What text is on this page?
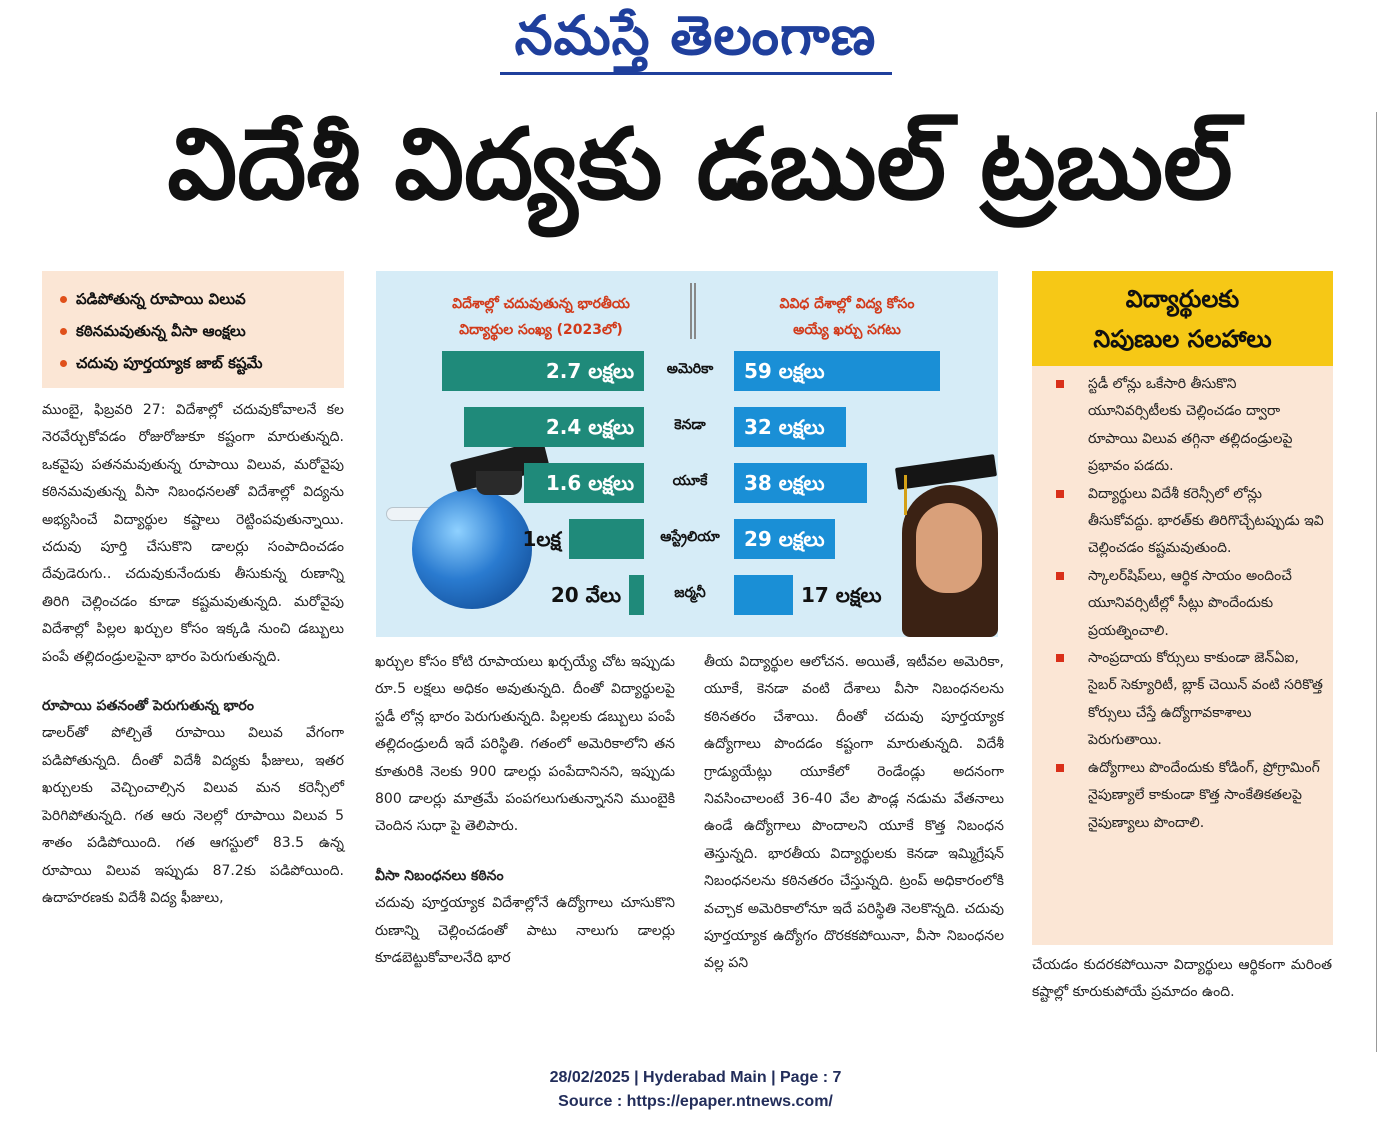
నమస్తే తెలంగాణ
విదేశీ విద్యకు డబుల్ ట్రబుల్
పడిపోతున్న రూపాయి విలువ
కఠినమవుతున్న వీసా ఆంక్షలు
చదువు పూర్తయ్యాక జాబ్ కష్టమే

ముంబై, ఫిబ్రవరి 27: విదేశాల్లో చదువుకోవాలనే కల నెరవేర్చుకోవడం రోజురోజుకూ కష్టంగా మారుతున్నది. ఒకవైపు పతనమవుతున్న రూపాయి విలువ, మరోవైపు కఠినమవుతున్న వీసా నిబంధనలతో విదేశాల్లో విద్యను అభ్యసించే విద్యార్థుల కష్టాలు రెట్టింపవుతున్నాయి. చదువు పూర్తి చేసుకొని డాలర్లు సంపాదించడం దేవుడెరుగు.. చదువుకునేందుకు తీసుకున్న రుణాన్ని తిరిగి చెల్లించడం కూడా కష్టమవుతున్నది. మరోవైపు విదేశాల్లో పిల్లల ఖర్చుల కోసం ఇక్కడి నుంచి డబ్బులు పంపే తల్లిదండ్రులపైనా భారం పెరుగుతున్నది.

రూపాయి పతనంతో పెరుగుతున్న భారం

డాలర్‌తో పోల్చితే రూపాయి విలువ వేగంగా పడిపోతున్నది. దీంతో విదేశీ విద్యకు ఫీజులు, ఇతర ఖర్చులకు వెచ్చించాల్సిన విలువ మన కరెన్సీలో పెరిగిపోతున్నది. గత ఆరు నెలల్లో రూపాయి విలువ 5 శాతం పడిపోయింది. గత ఆగస్టులో 83.5 ఉన్న రూపాయి విలువ ఇప్పుడు 87.2కు పడిపోయింది. ఉదాహరణకు విదేశీ విద్య ఫీజులు,

విదేశాల్లో చదువుతున్న భారతీయ
విద్యార్థుల సంఖ్య (2023లో)
వివిధ దేశాల్లో విద్య కోసం
అయ్యే ఖర్చు సగటు
అమెరికా
2.7 లక్షలు	59 లక్షలు
కెనడా
2.4 లక్షలు	32 లక్షలు
యూకే
1.6 లక్షలు	38 లక్షలు
ఆస్ట్రేలియా
1లక్ష	29 లక్షలు
జర్మనీ
20 వేలు	17 లక్షలు

ఖర్చుల కోసం కోటి రూపాయలు ఖర్చయ్యే చోట ఇప్పుడు రూ.5 లక్షలు అధికం అవుతున్నది. దీంతో విద్యార్థులపై స్టడీ లోన్ల భారం పెరుగుతున్నది. పిల్లలకు డబ్బులు పంపే తల్లిదండ్రులదీ ఇదే పరిస్థితి. గతంలో అమెరికాలోని తన కూతురికి నెలకు 900 డాలర్లు పంపేదానినని, ఇప్పుడు 800 డాలర్లు మాత్రమే పంపగలుగుతున్నానని ముంబైకి చెందిన సుధా పై తెలిపారు.

వీసా నిబంధనలు కఠినం

చదువు పూర్తయ్యాక విదేశాల్లోనే ఉద్యోగాలు చూసుకొని రుణాన్ని చెల్లించడంతో పాటు నాలుగు డాలర్లు కూడబెట్టుకోవాలనేది భార

తీయ విద్యార్థుల ఆలోచన. అయితే, ఇటీవల అమెరికా, యూకే, కెనడా వంటి దేశాలు వీసా నిబంధనలను కఠినతరం చేశాయి. దీంతో చదువు పూర్తయ్యాక ఉద్యోగాలు పొందడం కష్టంగా మారుతున్నది. విదేశీ గ్రాడ్యుయేట్లు యూకేలో రెండేండ్లు అదనంగా నివసించాలంటే 36-40 వేల పౌండ్ల నడుమ వేతనాలు ఉండే ఉద్యోగాలు పొందాలని యూకే కొత్త నిబంధన తెస్తున్నది. భారతీయ విద్యార్థులకు కెనడా ఇమ్మిగ్రేషన్ నిబంధనలను కఠినతరం చేస్తున్నది. ట్రంప్ అధికారంలోకి వచ్చాక అమెరికాలోనూ ఇదే పరిస్థితి నెలకొన్నది. చదువు పూర్తయ్యాక ఉద్యోగం దొరకకపోయినా, వీసా నిబంధనల వల్ల పని

విద్యార్థులకు
నిపుణుల సలహాలు
స్టడీ లోన్లు ఒకేసారి తీసుకొని యూనివర్సిటీలకు చెల్లించడం ద్వారా రూపాయి విలువ తగ్గినా తల్లిదండ్రులపై ప్రభావం పడదు.
విద్యార్థులు విదేశీ కరెన్సీలో లోన్లు తీసుకోవద్దు. భారత్‌కు తిరిగొచ్చేటప్పుడు ఇవి చెల్లించడం కష్టమవుతుంది.
స్కాలర్‌షిప్‌లు, ఆర్థిక సాయం అందించే యూనివర్సిటీల్లో సీట్లు పొందేందుకు ప్రయత్నించాలి.
సాంప్రదాయ కోర్సులు కాకుండా జెన్‌ఏఐ, సైబర్ సెక్యూరిటీ, బ్లాక్ చెయిన్ వంటి సరికొత్త కోర్సులు చేస్తే ఉద్యోగావకాశాలు పెరుగుతాయి.
ఉద్యోగాలు పొందేందుకు కోడింగ్, ప్రోగ్రామింగ్ నైపుణ్యాలే కాకుండా కొత్త సాంకేతికతలపై నైపుణ్యాలు పొందాలి.

చేయడం కుదరకపోయినా విద్యార్థులు ఆర్థికంగా మరింత కష్టాల్లో కూరుకుపోయే ప్రమాదం ఉంది.

28/02/2025 | Hyderabad Main | Page : 7
Source : https://epaper.ntnews.com/
